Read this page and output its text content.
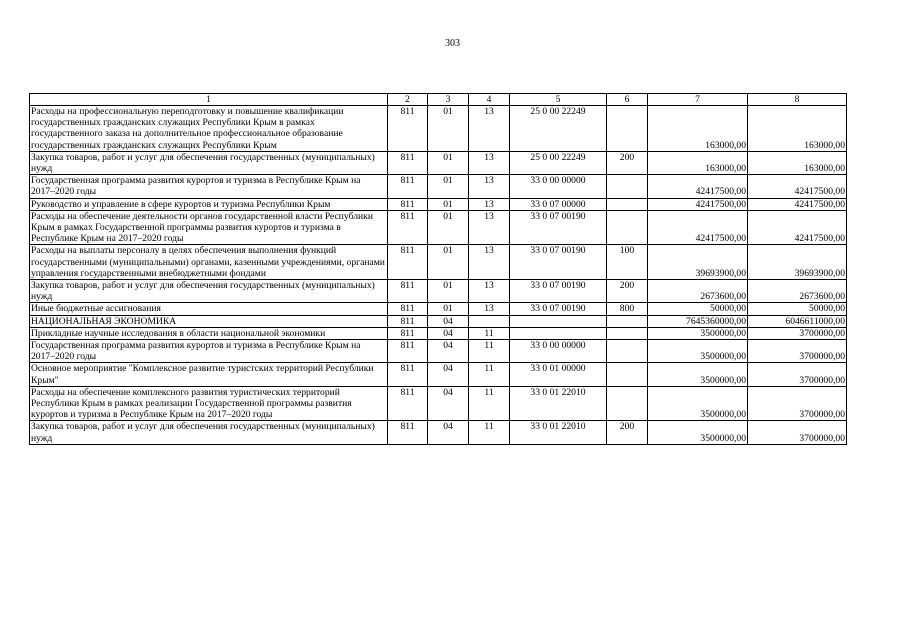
303
1	2	3	4	5	6	7	8
Расходы на профессиональную переподготовку и повышение квалификации государственных гражданских служащих Республики Крым в рамках государственного заказа на дополнительное профессиональное образование государственных гражданских служащих Республики Крым	811	01	13	25 0 00 22249		163000,00	163000,00
Закупка товаров, работ и услуг для обеспечения государственных (муниципальных) нужд	811	01	13	25 0 00 22249	200	163000,00	163000,00
Государственная программа развития курортов и туризма в Республике Крым на 2017–2020 годы	811	01	13	33 0 00 00000		42417500,00	42417500,00
Руководство и управление в сфере курортов и туризма Республики Крым	811	01	13	33 0 07 00000		42417500,00	42417500,00
Расходы на обеспечение деятельности органов государственной власти Республики Крым в рамках Государственной программы развития курортов и туризма в Республике Крым на 2017–2020 годы	811	01	13	33 0 07 00190		42417500,00	42417500,00
Расходы на выплаты персоналу в целях обеспечения выполнения функций государственными (муниципальными) органами, казенными учреждениями, органами управления государственными внебюджетными фондами	811	01	13	33 0 07 00190	100	39693900,00	39693900,00
Закупка товаров, работ и услуг для обеспечения государственных (муниципальных) нужд	811	01	13	33 0 07 00190	200	2673600,00	2673600,00
Иные бюджетные ассигнования	811	01	13	33 0 07 00190	800	50000,00	50000,00
НАЦИОНАЛЬНАЯ ЭКОНОМИКА	811	04				7645360000,00	6046611000,00
Прикладные научные исследования в области национальной экономики	811	04	11			3500000,00	3700000,00
Государственная программа развития курортов и туризма в Республике Крым на 2017–2020 годы	811	04	11	33 0 00 00000		3500000,00	3700000,00
Основное мероприятие "Комплексное развитие туристских территорий Республики Крым"	811	04	11	33 0 01 00000		3500000,00	3700000,00
Расходы на обеспечение комплексного развития туристических территорий Республики Крым в рамках реализации Государственной программы развития курортов и туризма в Республике Крым на 2017–2020 годы	811	04	11	33 0 01 22010		3500000,00	3700000,00
Закупка товаров, работ и услуг для обеспечения государственных (муниципальных) нужд	811	04	11	33 0 01 22010	200	3500000,00	3700000,00
